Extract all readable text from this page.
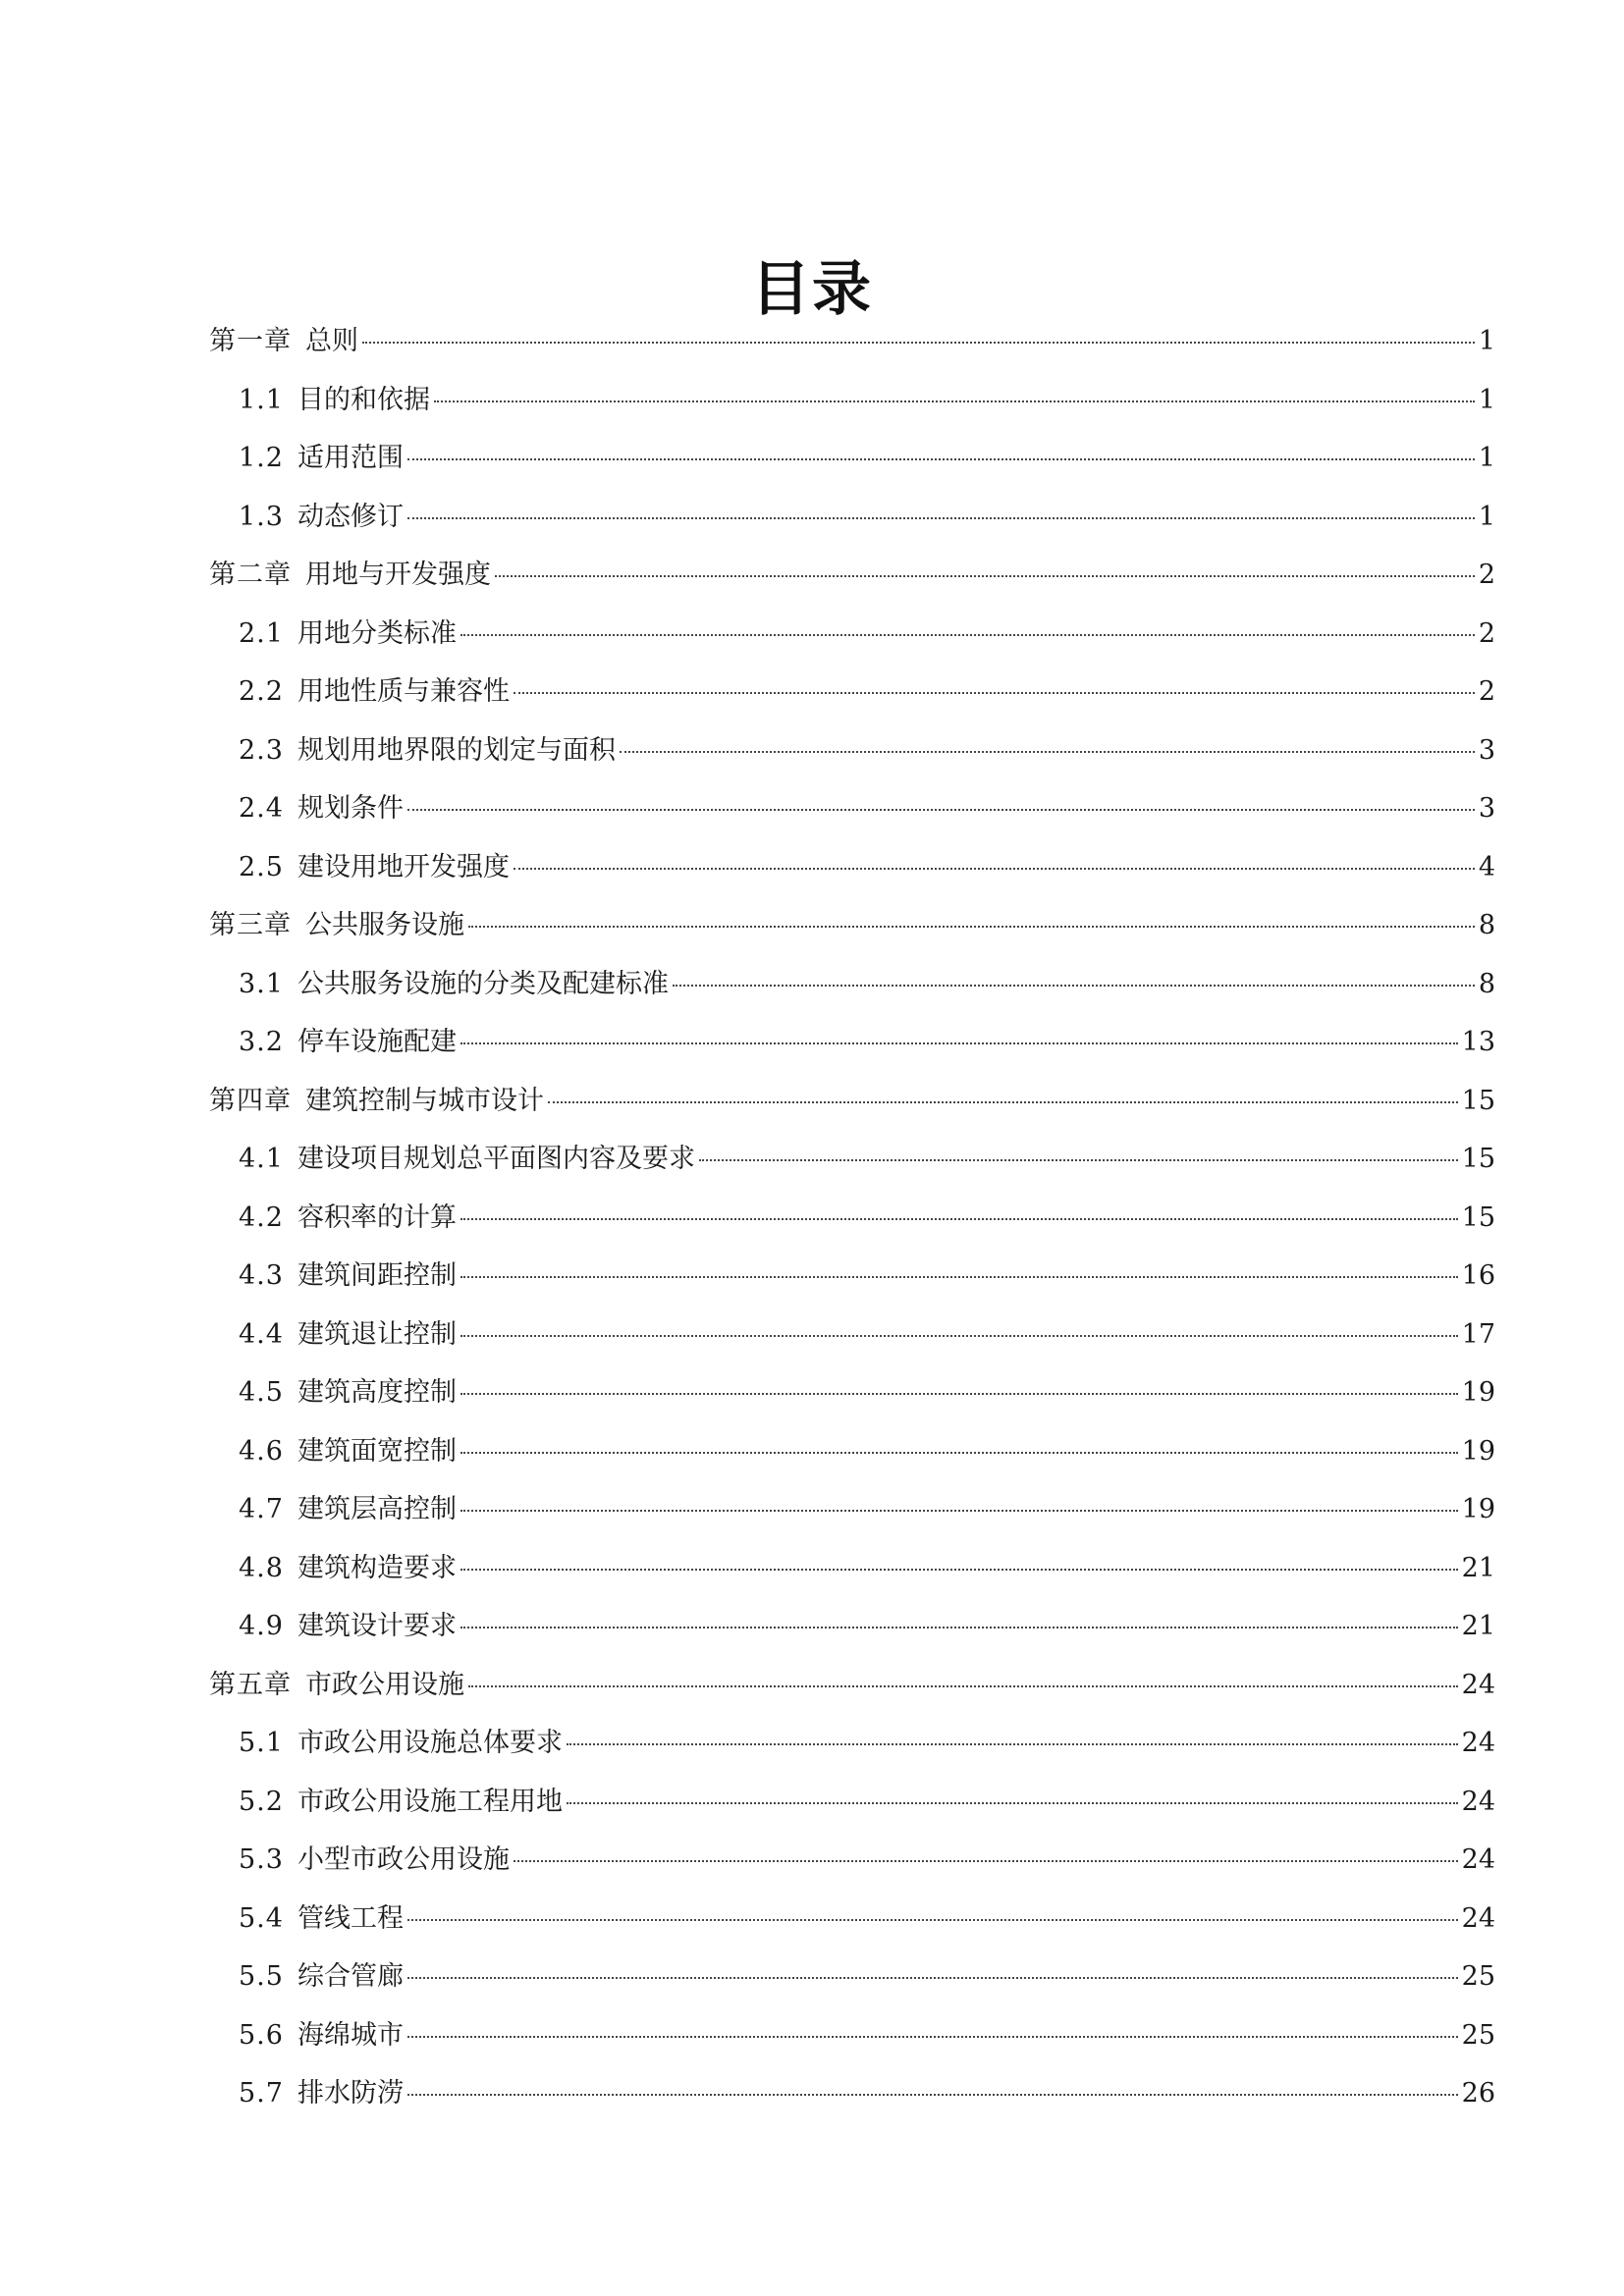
目录
第一章 总则	1
1.1 目的和依据	1
1.2 适用范围	1
1.3 动态修订	1
第二章 用地与开发强度	2
2.1 用地分类标准	2
2.2 用地性质与兼容性	2
2.3 规划用地界限的划定与面积	3
2.4 规划条件	3
2.5 建设用地开发强度	4
第三章 公共服务设施	8
3.1 公共服务设施的分类及配建标准	8
3.2 停车设施配建	13
第四章 建筑控制与城市设计	15
4.1 建设项目规划总平面图内容及要求	15
4.2 容积率的计算	15
4.3 建筑间距控制	16
4.4 建筑退让控制	17
4.5 建筑高度控制	19
4.6 建筑面宽控制	19
4.7 建筑层高控制	19
4.8 建筑构造要求	21
4.9 建筑设计要求	21
第五章 市政公用设施	24
5.1 市政公用设施总体要求	24
5.2 市政公用设施工程用地	24
5.3 小型市政公用设施	24
5.4 管线工程	24
5.5 综合管廊	25
5.6 海绵城市	25
5.7 排水防涝	26
